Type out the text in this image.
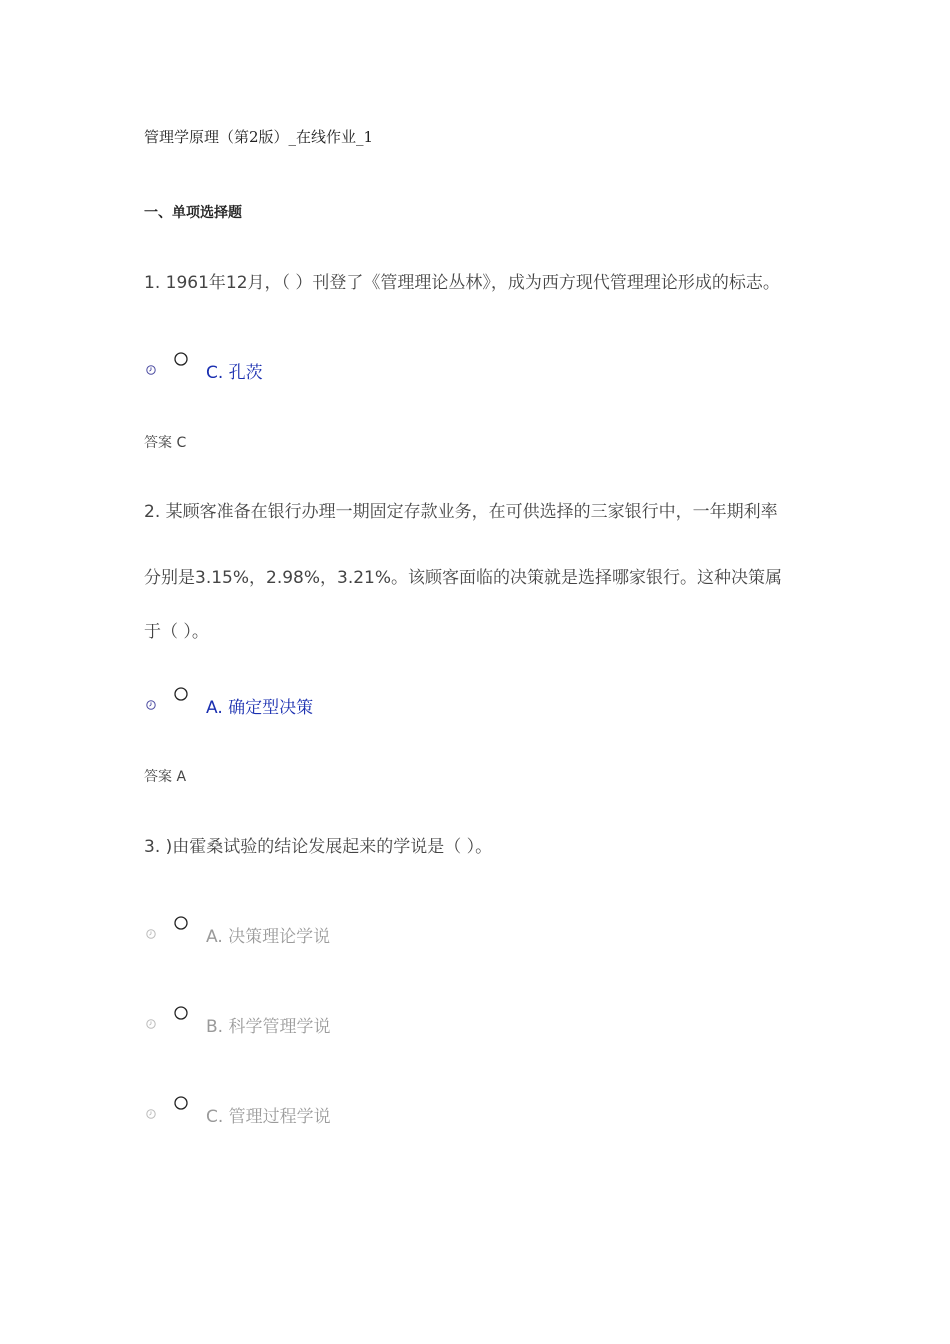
管理学原理（第2版）_在线作业_1
一、单项选择题
1. 1961年12月，（ ）刊登了《管理理论丛林》，成为西方现代管理理论形成的标志。
C. 孔茨
答案 C
2. 某顾客准备在银行办理一期固定存款业务，在可供选择的三家银行中，一年期利率
分别是3.15%，2.98%，3.21%。该顾客面临的决策就是选择哪家银行。这种决策属
于（ ）。
A. 确定型决策
答案 A
3. )由霍桑试验的结论发展起来的学说是（ ）。
A. 决策理论学说
B. 科学管理学说
C. 管理过程学说
